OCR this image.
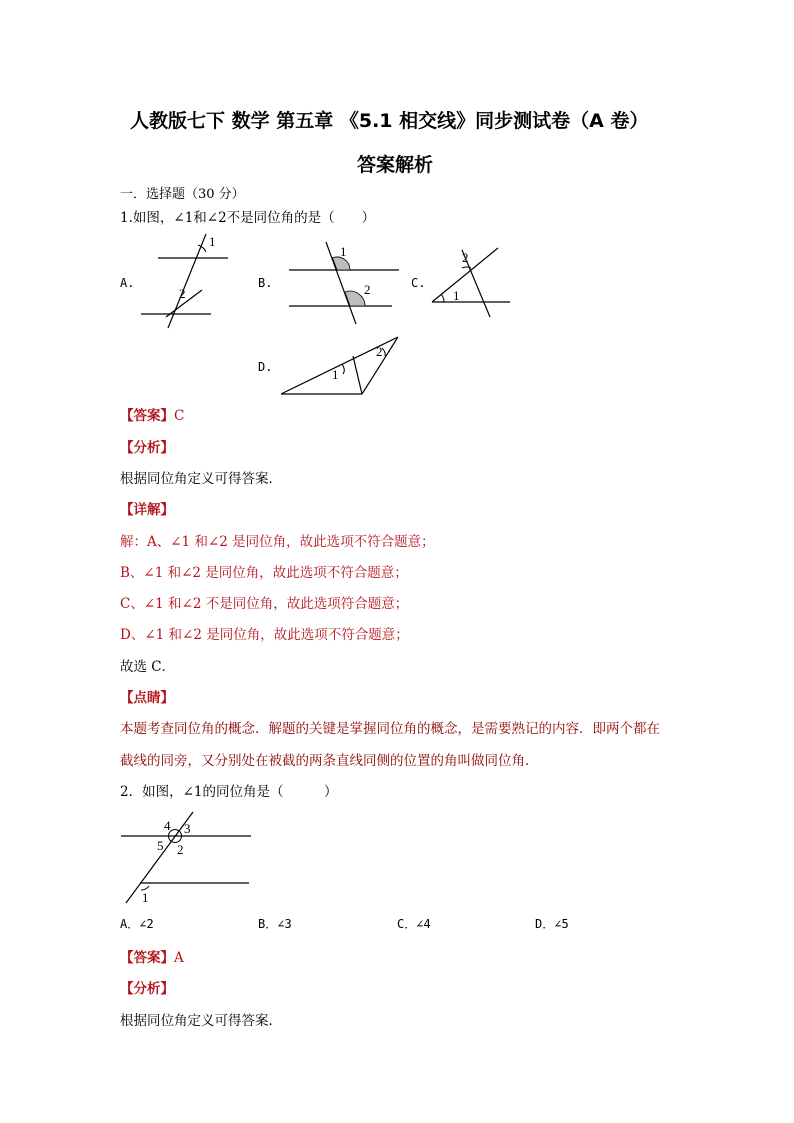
人教版七下 数学 第五章 《5.1 相交线》同步测试卷（A 卷）
答案解析
一．选择题（30 分）
1.如图，∠1和∠2不是同位角的是（　　）
A.	B.	C.
D.
1
2
1
2	1
2
1
2
【答案】C
【分析】
根据同位角定义可得答案．
【详解】
解：A、∠1 和∠2 是同位角，故此选项不符合题意；
B、∠1 和∠2 是同位角，故此选项不符合题意；
C、∠1 和∠2 不是同位角，故此选项符合题意；
D、∠1 和∠2 是同位角，故此选项不符合题意；
故选 C．
【点睛】
本题考查同位角的概念．解题的关键是掌握同位角的概念，是需要熟记的内容．即两个都在
截线的同旁，又分别处在被截的两条直线同侧的位置的角叫做同位角．
2．如图，∠1的同位角是（　　　）
4 3
5 2
1
A．∠2	B．∠3	C．∠4	D．∠5
【答案】A
【分析】
根据同位角定义可得答案．
